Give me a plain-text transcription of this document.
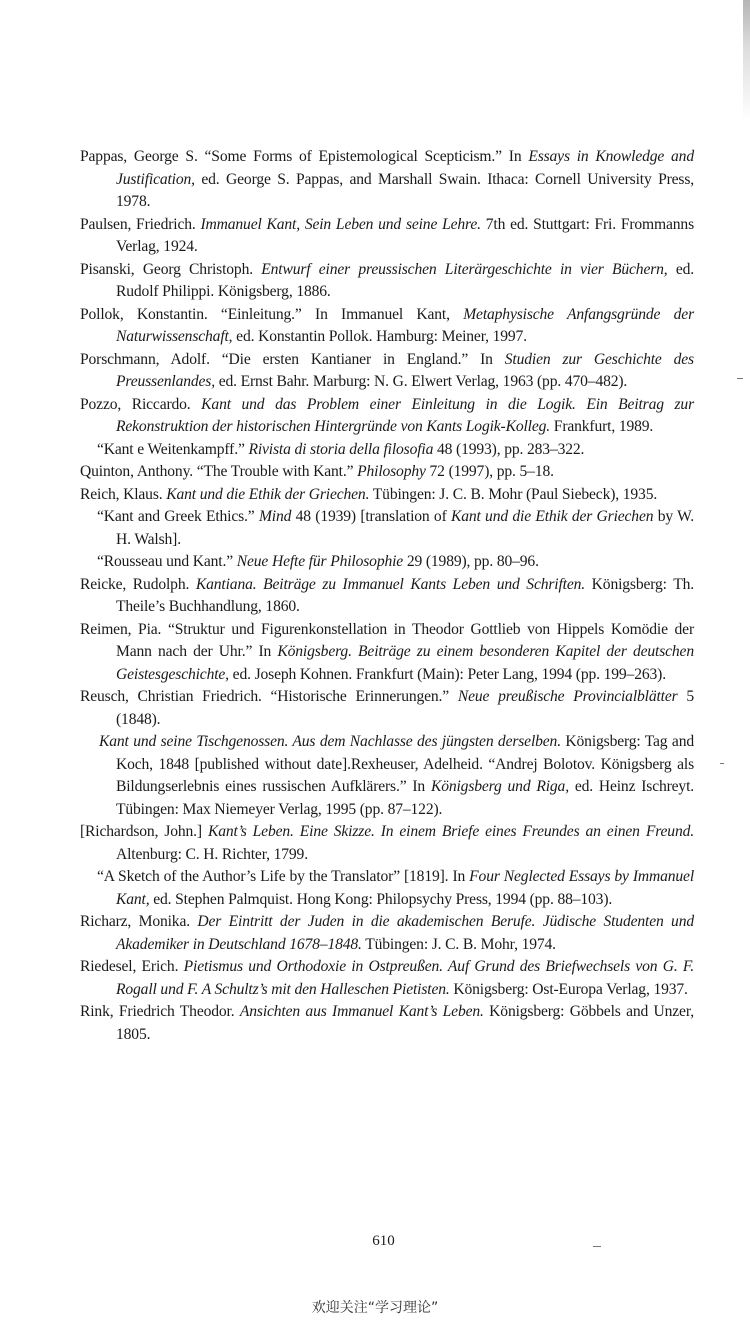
Pappas, George S. “Some Forms of Epistemological Scepticism.” In Essays in Knowledge and Justification, ed. George S. Pappas, and Marshall Swain. Ithaca: Cornell University Press, 1978.

Paulsen, Friedrich. Immanuel Kant, Sein Leben und seine Lehre. 7th ed. Stuttgart: Fri. Frommanns Verlag, 1924.

Pisanski, Georg Christoph. Entwurf einer preussischen Literärgeschichte in vier Büchern, ed. Rudolf Philippi. Königsberg, 1886.

Pollok, Konstantin. “Einleitung.” In Immanuel Kant, Metaphysische Anfangsgründe der Naturwissenschaft, ed. Konstantin Pollok. Hamburg: Meiner, 1997.

Porschmann, Adolf. “Die ersten Kantianer in England.” In Studien zur Geschichte des Preussenlandes, ed. Ernst Bahr. Marburg: N. G. Elwert Verlag, 1963 (pp. 470–482).

Pozzo, Riccardo. Kant und das Problem einer Einleitung in die Logik. Ein Beitrag zur Rekonstruktion der historischen Hintergründe von Kants Logik-Kolleg. Frankfurt, 1989.

“Kant e Weitenkampff.” Rivista di storia della filosofia 48 (1993), pp. 283–322.

Quinton, Anthony. “The Trouble with Kant.” Philosophy 72 (1997), pp. 5–18.

Reich, Klaus. Kant und die Ethik der Griechen. Tübingen: J. C. B. Mohr (Paul Siebeck), 1935.

“Kant and Greek Ethics.” Mind 48 (1939) [translation of Kant und die Ethik der Griechen by W. H. Walsh].

“Rousseau und Kant.” Neue Hefte für Philosophie 29 (1989), pp. 80–96.

Reicke, Rudolph. Kantiana. Beiträge zu Immanuel Kants Leben und Schriften. Königsberg: Th. Theile’s Buchhandlung, 1860.

Reimen, Pia. “Struktur und Figurenkonstellation in Theodor Gottlieb von Hippels Komödie der Mann nach der Uhr.” In Königsberg. Beiträge zu einem besonderen Kapitel der deutschen Geistesgeschichte, ed. Joseph Kohnen. Frankfurt (Main): Peter Lang, 1994 (pp. 199–263).

Reusch, Christian Friedrich. “Historische Erinnerungen.” Neue preußische Provincialblätter 5 (1848).

Kant und seine Tischgenossen. Aus dem Nachlasse des jüngsten derselben. Königsberg: Tag and Koch, 1848 [published without date].Rexheuser, Adelheid. “Andrej Bolotov. Königsberg als Bildungserlebnis eines russischen Aufklärers.” In Königsberg und Riga, ed. Heinz Ischreyt. Tübingen: Max Niemeyer Verlag, 1995 (pp. 87–122).

[Richardson, John.] Kant’s Leben. Eine Skizze. In einem Briefe eines Freundes an einen Freund. Altenburg: C. H. Richter, 1799.

“A Sketch of the Author’s Life by the Translator” [1819]. In Four Neglected Essays by Immanuel Kant, ed. Stephen Palmquist. Hong Kong: Philopsychy Press, 1994 (pp. 88–103).

Richarz, Monika. Der Eintritt der Juden in die akademischen Berufe. Jüdische Studenten und Akademiker in Deutschland 1678–1848. Tübingen: J. C. B. Mohr, 1974.

Riedesel, Erich. Pietismus und Orthodoxie in Ostpreußen. Auf Grund des Briefwechsels von G. F. Rogall und F. A Schultz’s mit den Halleschen Pietisten. Königsberg: Ost-Europa Verlag, 1937.

Rink, Friedrich Theodor. Ansichten aus Immanuel Kant’s Leben. Königsberg: Göbbels and Unzer, 1805.

610
欢迎关注“学习理论”
